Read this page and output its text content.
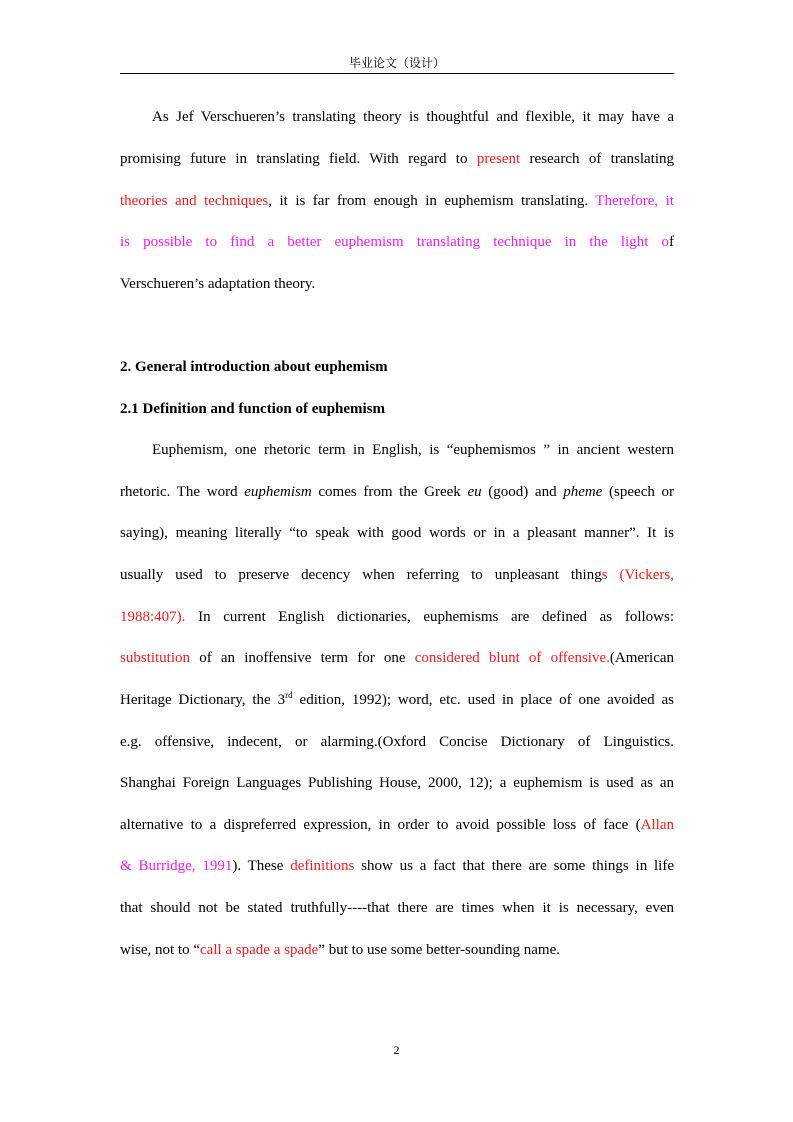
毕业论文（设计）
As Jef Verschueren’s translating theory is thoughtful and flexible, it may have a
promising future in translating field. With regard to present research of translating
theories and techniques, it is far from enough in euphemism translating. Therefore, it
is possible to find a better euphemism translating technique in the light of
Verschueren’s adaptation theory.
2. General introduction about euphemism
2.1 Definition and function of euphemism
Euphemism, one rhetoric term in English, is “euphemismos ” in ancient western
rhetoric. The word euphemism comes from the Greek eu (good) and pheme (speech or
saying), meaning literally “to speak with good words or in a pleasant manner”. It is
usually used to preserve decency when referring to unpleasant things (Vickers,
1988:407). In current English dictionaries, euphemisms are defined as follows:
substitution of an inoffensive term for one considered blunt of offensive.(American
Heritage Dictionary, the 3rd edition, 1992); word, etc. used in place of one avoided as
e.g. offensive, indecent, or alarming.(Oxford Concise Dictionary of Linguistics.
Shanghai Foreign Languages Publishing House, 2000, 12); a euphemism is used as an
alternative to a dispreferred expression, in order to avoid possible loss of face (Allan
& Burridge, 1991). These definitions show us a fact that there are some things in life
that should not be stated truthfully----that there are times when it is necessary, even
wise, not to “call a spade a spade” but to use some better-sounding name.
2
